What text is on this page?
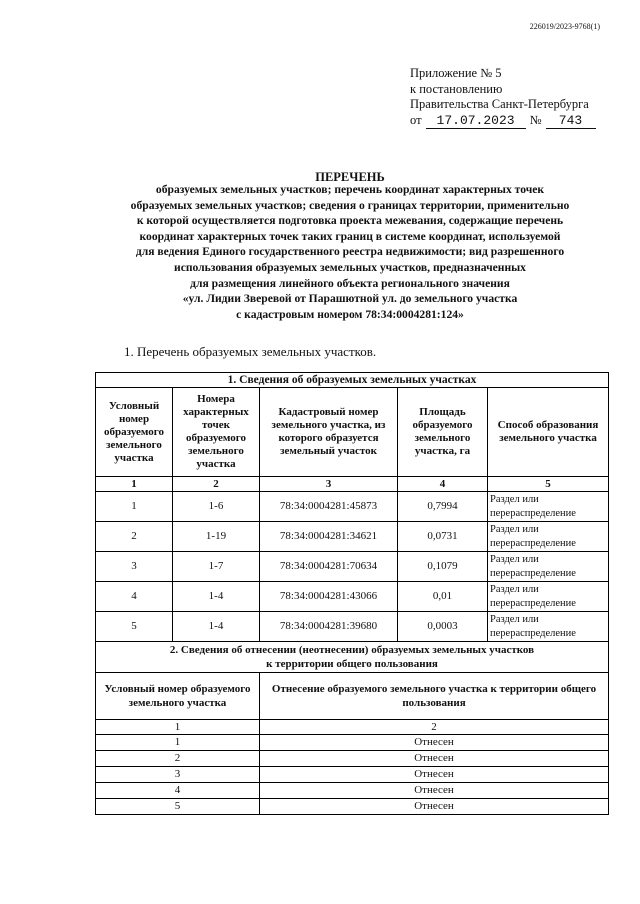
226019/2023-9768(1)
Приложение № 5
к постановлению
Правительства Санкт-Петербурга
от	17.07.2023	№	743
ПЕРЕЧЕНЬ
образуемых земельных участков; перечень координат характерных точек
образуемых земельных участков; сведения о границах территории, применительно
к которой осуществляется подготовка проекта межевания, содержащие перечень
координат характерных точек таких границ в системе координат, используемой
для ведения Единого государственного реестра недвижимости; вид разрешенного
использования образуемых земельных участков, предназначенных
для размещения линейного объекта регионального значения
«ул. Лидии Зверевой от Парашютной ул. до земельного участка
с кадастровым номером 78:34:0004281:124»
1. Перечень образуемых земельных участков.
1. Сведения об образуемых земельных участках				
Условный номер образуемого земельного участка	Номера характерных точек образуемого земельного участка	Кадастровый номер земельного участка, из которого образуется земельный участок	Площадь образуемого земельного участка, га	Способ образования земельного участка
1	2	3	4	5
1	1-6	78:34:0004281:45873	0,7994	Раздел или перераспределение
2	1-19	78:34:0004281:34621	0,0731	Раздел или перераспределение
3	1-7	78:34:0004281:70634	0,1079	Раздел или перераспределение
4	1-4	78:34:0004281:43066	0,01	Раздел или перераспределение
5	1-4	78:34:0004281:39680	0,0003	Раздел или перераспределение

2. Сведения об отнесении (неотнесении) образуемых земельных участков
к территории общего пользования				

Условный номер образуемого земельного участка		Отнесение образуемого земельного участка к территории общего пользования		
1		2		
1		Отнесен		
2		Отнесен		
3		Отнесен		
4		Отнесен		
5		Отнесен		
